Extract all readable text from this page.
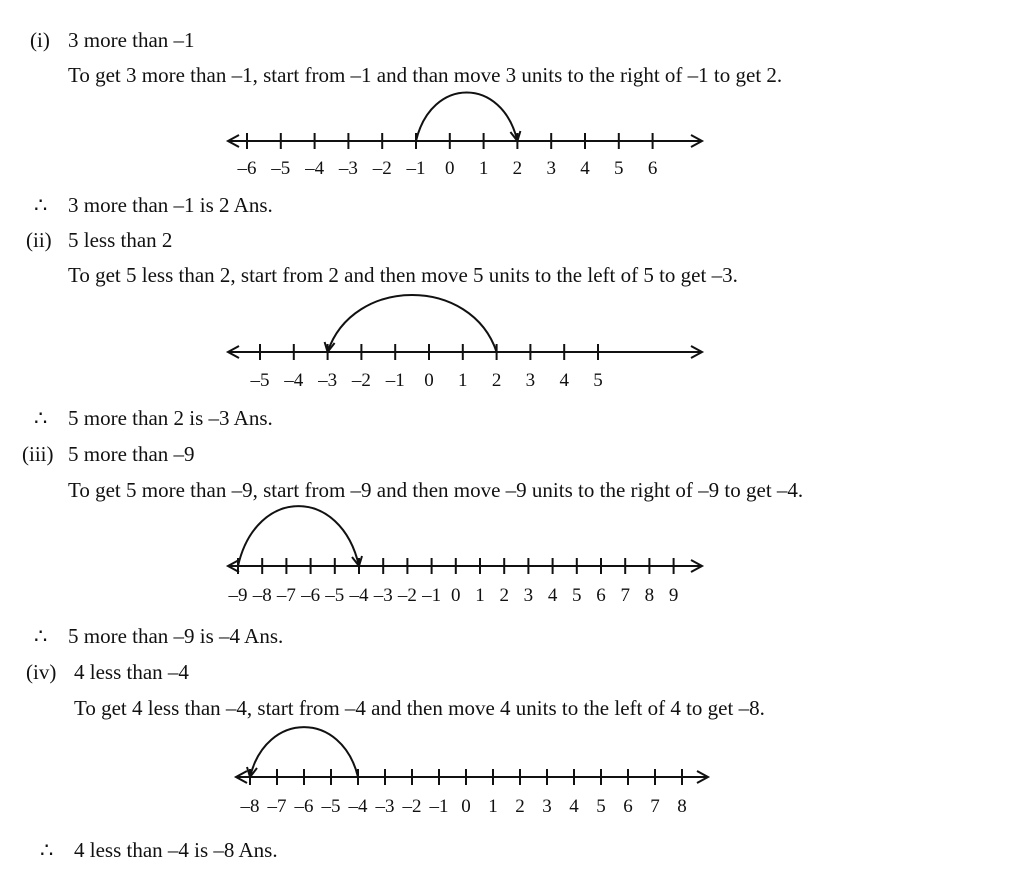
(i) 3 more than –1
To get 3 more than –1, start from –1 and than move 3 units to the right of –1 to get 2.
–6 –5 –4 –3 –2 –1 0 1 2 3 4 5 6
∴ 3 more than –1 is 2 Ans.
(ii) 5 less than 2
To get 5 less than 2, start from 2 and then move 5 units to the left of 5 to get –3.
–5 –4 –3 –2 –1 0 1 2 3 4 5
∴ 5 more than 2 is –3 Ans.
(iii) 5 more than –9
To get 5 more than –9, start from –9 and then move –9 units to the right of –9 to get –4.
–9 –8 –7 –6 –5 –4 –3 –2 –1 0 1 2 3 4 5 6 7 8 9
∴ 5 more than –9 is –4 Ans.
(iv) 4 less than –4
To get 4 less than –4, start from –4 and then move 4 units to the left of 4 to get –8.
–8 –7 –6 –5 –4 –3 –2 –1 0 1 2 3 4 5 6 7 8
∴ 4 less than –4 is –8 Ans.
